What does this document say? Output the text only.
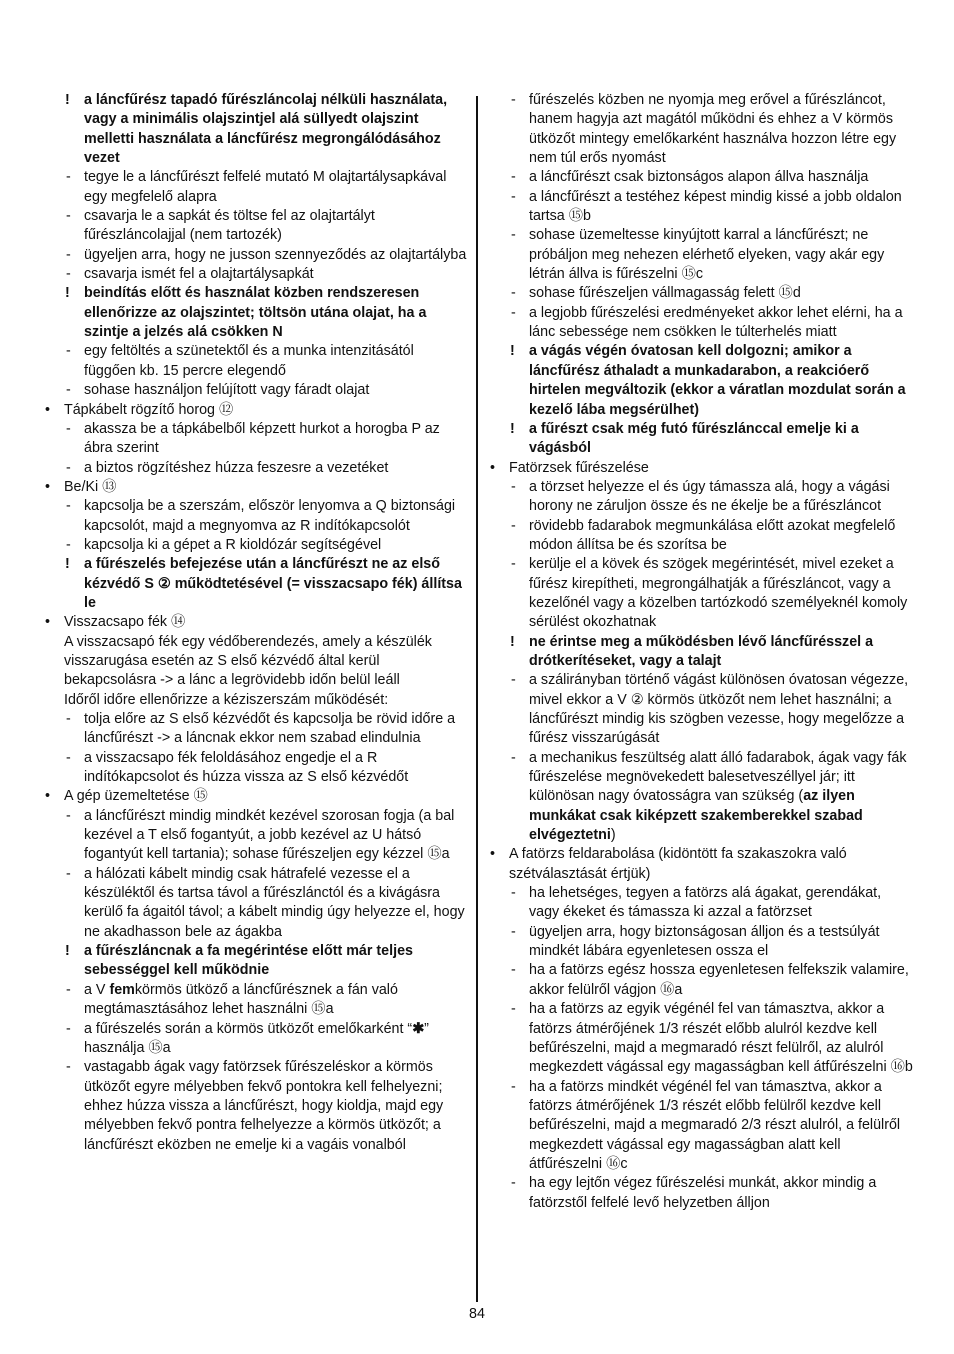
! a láncfűrész tapadó fűrészláncolaj nélküli használata, vagy a minimális olajszintjel alá süllyedt olajszint melletti használata a láncfűrész megrongálódásához vezet
- tegye le a láncfűrészt felfelé mutató M olajtartálysapkával egy megfelelő alapra
- csavarja le a sapkát és töltse fel az olajtartályt fűrészláncolajjal (nem tartozék)
- ügyeljen arra, hogy ne jusson szennyeződés az olajtartályba
- csavarja ismét fel a olajtartálysapkát
! beindítás előtt és használat közben rendszeresen ellenőrizze az olajszintet; töltsön utána olajat, ha a szintje a jelzés alá csökken N
- egy feltöltés a szünetektől és a munka intenzitásától függően kb. 15 percre elegendő
- sohase használjon felújított vagy fáradt olajat
• Tápkábelt rögzítő horog ⑫
- akassza be a tápkábelből képzett hurkot a horogba P az ábra szerint
- a biztos rögzítéshez húzza feszesre a vezetéket
• Be/Ki ⑬
- kapcsolja be a szerszám, először lenyomva a Q biztonsági kapcsolót, majd a megnyomva az R indítókapcsolót
- kapcsolja ki a gépet a R kioldózár segítségével
! a fűrészelés befejezése után a láncfűrészt ne az első kézvédő S ② működtetésével (= visszacsapo fék) állítsa le
• Visszacsapo fék ⑭
A visszacsapó fék egy védőberendezés, amely a készülék visszarugása esetén az S első kézvédő által kerül bekapcsolásra -> a lánc a legrövidebb időn belül leáll
Időről időre ellenőrizze a kéziszerszám működését:
- tolja előre az S első kézvédőt és kapcsolja be rövid időre a láncfűrészt -> a láncnak ekkor nem szabad elindulnia
- a visszacsapo fék feloldásához engedje el a R indítókapcsolot és húzza vissza az S első kézvédőt
• A gép üzemeltetése ⑮
- a láncfűrészt mindig mindkét kezével szorosan fogja (a bal kezével a T első fogantyút, a jobb kezével az U hátsó fogantyút kell tartania); sohase fűrészeljen egy kézzel ⑮a
- a hálózati kábelt mindig csak hátrafelé vezesse el a készüléktől és tartsa távol a fűrészlánctól és a kivágásra kerülő fa ágaitól távol; a kábelt mindig úgy helyezze el, hogy ne akadhasson bele az ágakba
! a fűrészláncnak a fa megérintése előtt már teljes sebességgel kell működnie
- a V femkörmös ütköző a láncfűrésznek a fán való megtámasztásához lehet használni ⑮a
- a fűrészelés során a körmös ütközőt emelőkarként “✱” használja ⑮a
- vastagabb ágak vagy fatörzsek fűrészeléskor a körmös ütközőt egyre mélyebben fekvő pontokra kell felhelyezni; ehhez húzza vissza a láncfűrészt, hogy kioldja, majd egy mélyebben fekvő pontra felhelyezze a körmös ütközőt; a láncfűrészt eközben ne emelje ki a vagáis vonalból
- fűrészelés közben ne nyomja meg erővel a fűrészláncot, hanem hagyja azt magától működni és ehhez a V körmös ütközőt mintegy emelőkarként használva hozzon létre egy nem túl erős nyomást
- a láncfűrészt csak biztonságos alapon állva használja
- a láncfűrészt a testéhez képest mindig kissé a jobb oldalon tartsa ⑮b
- sohase üzemeltesse kinyújtott karral a láncfűrészt; ne próbáljon meg nehezen elérhető elyeken, vagy akár egy létrán állva is fűrészelni ⑮c
- sohase fűrészeljen vállmagasság felett ⑮d
- a legjobb fűrészelési eredményeket akkor lehet elérni, ha a lánc sebessége nem csökken le túlterhelés miatt
! a vágás végén óvatosan kell dolgozni; amikor a láncfűrész áthaladt a munkadarabon, a reakcióerő hirtelen megváltozik (ekkor a váratlan mozdulat során a kezelő lába megsérülhet)
! a fűrészt csak még futó fűrészlánccal emelje ki a vágásból
• Fatörzsek fűrészelése
- a törzset helyezze el és úgy támassza alá, hogy a vágási horony ne záruljon össze és ne ékelje be a fűrészláncot
- rövidebb fadarabok megmunkálása előtt azokat megfelelő módon állítsa be és szorítsa be
- kerülje el a kövek és szögek megérintését, mivel ezeket a fűrész kirepítheti, megrongálhatják a fűrészláncot, vagy a kezelőnél vagy a közelben tartózkodó személyeknél komoly sérülést okozhatnak
! ne érintse meg a működésben lévő láncfűrésszel a drótkerítéseket, vagy a talajt
- a szálirányban történő vágást különösen óvatosan végezze, mivel ekkor a V ② körmös ütközőt nem lehet használni; a láncfűrészt mindig kis szögben vezesse, hogy megelőzze a fűrész visszarúgását
- a mechanikus feszültség alatt álló fadarabok, ágak vagy fák fűrészelése megnövekedett balesetveszéllyel jár; itt különösan nagy óvatosságra van szükség (az ilyen munkákat csak kiképzett szakemberekkel szabad elvégeztetni)
• A fatörzs feldarabolása (kidöntött fa szakaszokra való szétválasztását értjük)
- ha lehetséges, tegyen a fatörzs alá ágakat, gerendákat, vagy ékeket és támassza ki azzal a fatörzset
- ügyeljen arra, hogy biztonságosan álljon és a testsúlyát mindkét lábára egyenletesen ossza el
- ha a fatörzs egész hossza egyenletesen felfekszik valamire, akkor felülről vágjon ⑯a
- ha a fatörzs az egyik végénél fel van támasztva, akkor a fatörzs átmérőjének 1/3 részét előbb alulról kezdve kell befűrészelni, majd a megmaradó részt felülről, az alulról megkezdett vágással egy magasságban kell átfűrészelni ⑯b
- ha a fatörzs mindkét végénél fel van támasztva, akkor a fatörzs átmérőjének 1/3 részét előbb felülről kezdve kell befűrészelni, majd a megmaradó 2/3 részt alulról, a felülről megkezdett vágással egy magasságban alatt kell átfűrészelni ⑯c
- ha egy lejtőn végez fűrészelési munkát, akkor mindig a fatörzstől felfelé levő helyzetben álljon
84
